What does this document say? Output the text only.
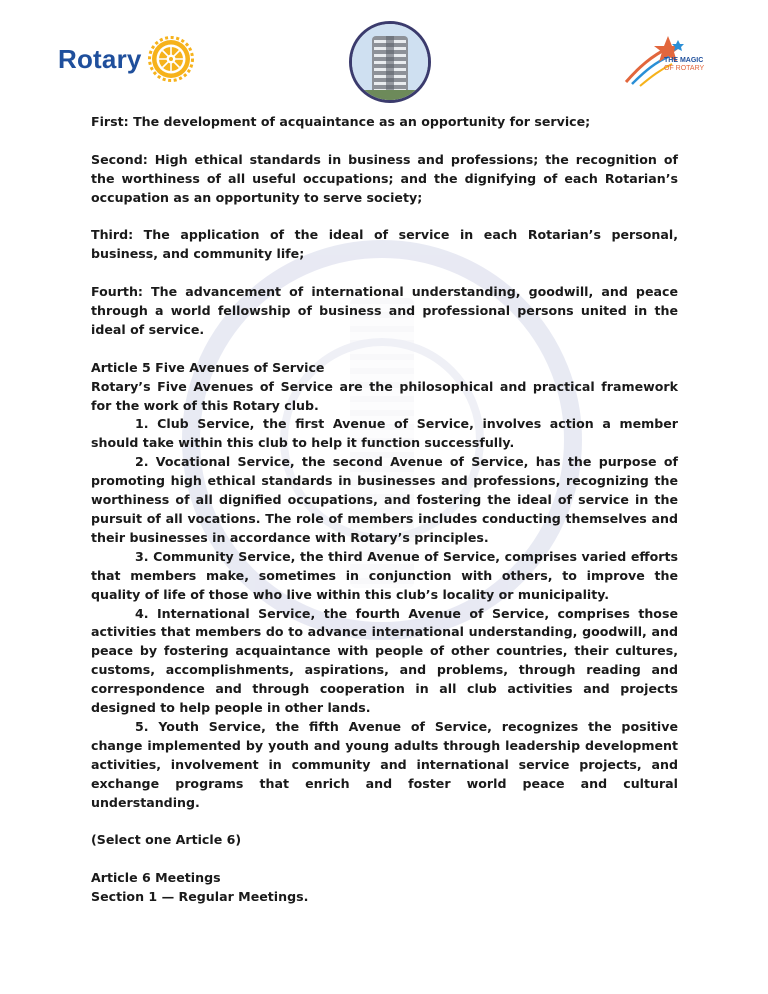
Rotary	THE MAGIC
OF ROTARY

First: The development of acquaintance as an opportunity for service;

Second: High ethical standards in business and professions; the recognition of the worthiness of all useful occupations; and the dignifying of each Rotarian’s occupation as an opportunity to serve society;

Third: The application of the ideal of service in each Rotarian’s personal, business, and community life;

Fourth: The advancement of international understanding, goodwill, and peace through a world fellowship of business and professional persons united in the ideal of service.

Article 5 Five Avenues of Service

Rotary’s Five Avenues of Service are the philosophical and practical framework for the work of this Rotary club.

1. Club Service, the first Avenue of Service, involves action a member should take within this club to help it function successfully.

2. Vocational Service, the second Avenue of Service, has the purpose of promoting high ethical standards in businesses and professions, recognizing the worthiness of all dignified occupations, and fostering the ideal of service in the pursuit of all vocations. The role of members includes conducting themselves and their businesses in accordance with Rotary’s principles.

3. Community Service, the third Avenue of Service, comprises varied efforts that members make, sometimes in conjunction with others, to improve the quality of life of those who live within this club’s locality or municipality.

4. International Service, the fourth Avenue of Service, comprises those activities that members do to advance international understanding, goodwill, and peace by fostering acquaintance with people of other countries, their cultures, customs, accomplishments, aspirations, and problems, through reading and correspondence and through cooperation in all club activities and projects designed to help people in other lands.

5. Youth Service, the fifth Avenue of Service, recognizes the positive change implemented by youth and young adults through leadership development activities, involvement in community and international service projects, and exchange programs that enrich and foster world peace and cultural understanding.

(Select one Article 6)

Article 6 Meetings

Section 1 — Regular Meetings.
